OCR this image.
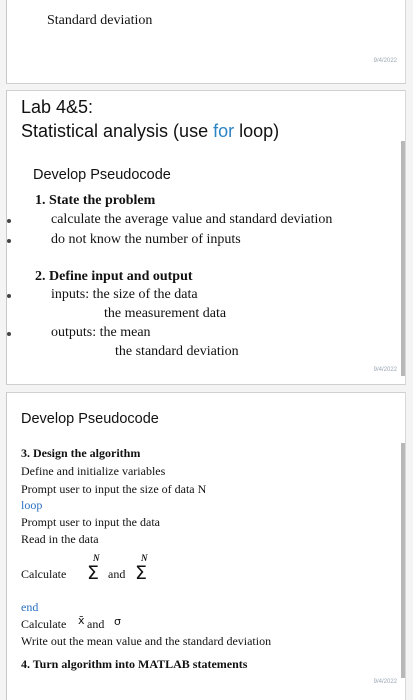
Standard deviation
9/4/2022
Lab 4&5:
Statistical analysis (use for loop)
Develop Pseudocode
1. State the problem
calculate the average value and standard deviation
do not know the number of inputs
2. Define input and output
inputs: the size of the data
the measurement data
outputs: the mean
the standard deviation
9/4/2022
Develop Pseudocode
3. Design the algorithm
Define and initialize variables
Prompt user to input the size of data N
loop
Prompt user to input the data
Read in the data
Calculate
N
Σ and
N
Σ
end
Calculate x̄ and σ
Write out the mean value and the standard deviation
4. Turn algorithm into MATLAB statements
9/4/2022
